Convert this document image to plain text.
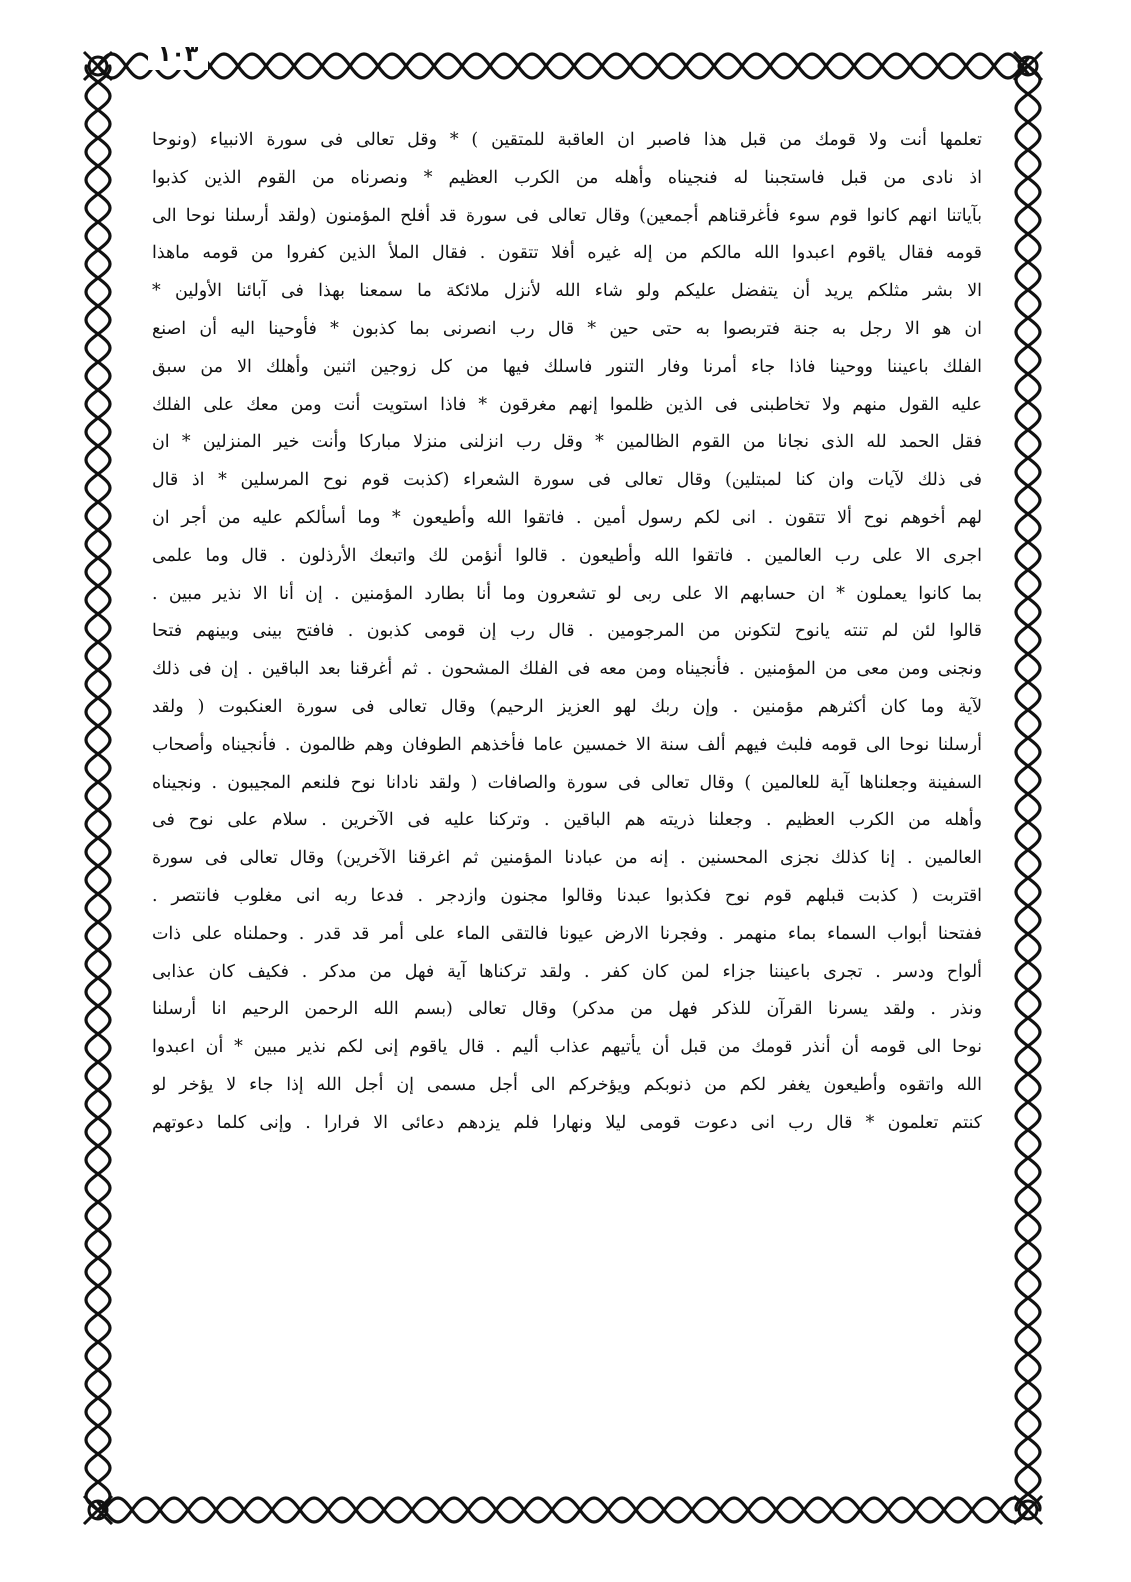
١٠٣
تعلمها أنت ولا قومك من قبل هذا فاصبر ان العاقبة للمتقين ) * وقل تعالى فى سورة الانبياء (ونوحا
اذ نادى من قبل فاستجبنا له فنجيناه وأهله من الكرب العظيم * ونصرناه من القوم الذين كذبوا
بآياتنا انهم كانوا قوم سوء فأغرقناهم أجمعين) وقال تعالى فى سورة قد أفلح المؤمنون (ولقد أرسلنا نوحا الى
قومه فقال ياقوم اعبدوا الله مالكم من إله غيره أفلا تتقون . فقال الملأ الذين كفروا من قومه ماهذا
الا بشر مثلكم يريد أن يتفضل عليكم ولو شاء الله لأنزل ملائكة ما سمعنا بهذا فى آبائنا الأولين *
ان هو الا رجل به جنة فتربصوا به حتى حين * قال رب انصرنى بما كذبون * فأوحينا اليه أن اصنع
الفلك باعيننا ووحينا فاذا جاء أمرنا وفار التنور فاسلك فيها من كل زوجين اثنين وأهلك الا من سبق
عليه القول منهم ولا تخاطبنى فى الذين ظلموا إنهم مغرقون * فاذا استويت أنت ومن معك على الفلك
فقل الحمد لله الذى نجانا من القوم الظالمين * وقل رب انزلنى منزلا مباركا وأنت خير المنزلين * ان
فى ذلك لآيات وان كنا لمبتلين) وقال تعالى فى سورة الشعراء (كذبت قوم نوح المرسلين * اذ قال
لهم أخوهم نوح ألا تتقون . انى لكم رسول أمين . فاتقوا الله وأطيعون * وما أسألكم عليه من أجر ان
اجرى الا على رب العالمين . فاتقوا الله وأطيعون . قالوا أنؤمن لك واتبعك الأرذلون . قال وما علمى
بما كانوا يعملون * ان حسابهم الا على ربى لو تشعرون وما أنا بطارد المؤمنين . إن أنا الا نذير مبين .
قالوا لئن لم تنته يانوح لتكونن من المرجومين . قال رب إن قومى كذبون . فافتح بينى وبينهم فتحا
ونجنى ومن معى من المؤمنين . فأنجيناه ومن معه فى الفلك المشحون . ثم أغرقنا بعد الباقين . إن فى ذلك
لآية وما كان أكثرهم مؤمنين . وإن ربك لهو العزيز الرحيم) وقال تعالى فى سورة العنكبوت ( ولقد
أرسلنا نوحا الى قومه فلبث فيهم ألف سنة الا خمسين عاما فأخذهم الطوفان وهم ظالمون . فأنجيناه وأصحاب
السفينة وجعلناها آية للعالمين ) وقال تعالى فى سورة والصافات ( ولقد نادانا نوح فلنعم المجيبون . ونجيناه
وأهله من الكرب العظيم . وجعلنا ذريته هم الباقين . وتركنا عليه فى الآخرين . سلام على نوح فى
العالمين . إنا كذلك نجزى المحسنين . إنه من عبادنا المؤمنين ثم اغرقنا الآخرين) وقال تعالى فى سورة
اقتربت ( كذبت قبلهم قوم نوح فكذبوا عبدنا وقالوا مجنون وازدجر . فدعا ربه انى مغلوب فانتصر .
ففتحنا أبواب السماء بماء منهمر . وفجرنا الارض عيونا فالتقى الماء على أمر قد قدر . وحملناه على ذات
ألواح ودسر . تجرى باعيننا جزاء لمن كان كفر . ولقد تركناها آية فهل من مدكر . فكيف كان عذابى
ونذر . ولقد يسرنا القرآن للذكر فهل من مدكر) وقال تعالى (بسم الله الرحمن الرحيم انا أرسلنا
نوحا الى قومه أن أنذر قومك من قبل أن يأتيهم عذاب أليم . قال ياقوم إنى لكم نذير مبين * أن اعبدوا
الله واتقوه وأطيعون يغفر لكم من ذنوبكم ويؤخركم الى أجل مسمى إن أجل الله إذا جاء لا يؤخر لو
كنتم تعلمون * قال رب انى دعوت قومى ليلا ونهارا فلم يزدهم دعائى الا فرارا . وإنى كلما دعوتهم
